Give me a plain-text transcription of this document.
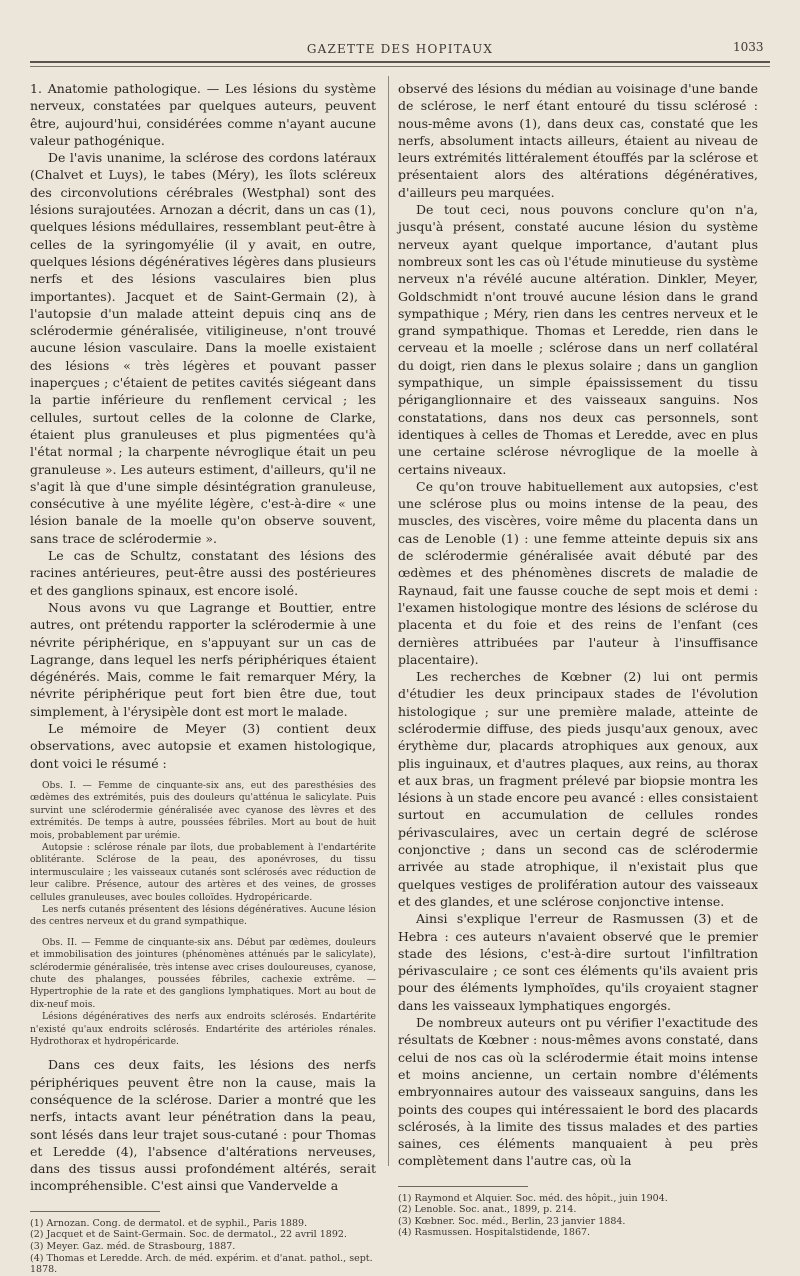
GAZETTE DES HOPITAUX	1033

1. Anatomie pathologique. — Les lésions du système nerveux, constatées par quelques auteurs, peuvent être, aujourd'hui, considérées comme n'ayant aucune valeur pathogénique.

De l'avis unanime, la sclérose des cordons latéraux (Chalvet et Luys), le tabes (Méry), les îlots scléreux des circonvolutions cérébrales (Westphal) sont des lésions surajoutées. Arnozan a décrit, dans un cas (1), quelques lésions médullaires, ressemblant peut-être à celles de la syringomyélie (il y avait, en outre, quelques lésions dégénératives légères dans plusieurs nerfs et des lésions vasculaires bien plus importantes). Jacquet et de Saint-Germain (2), à l'autopsie d'un malade atteint depuis cinq ans de sclérodermie généralisée, vitiligineuse, n'ont trouvé aucune lésion vasculaire. Dans la moelle existaient des lésions « très légères et pouvant passer inaperçues ; c'étaient de petites cavités siégeant dans la partie inférieure du renflement cervical ; les cellules, surtout celles de la colonne de Clarke, étaient plus granuleuses et plus pigmentées qu'à l'état normal ; la charpente névroglique était un peu granuleuse ». Les auteurs estiment, d'ailleurs, qu'il ne s'agit là que d'une simple désintégration granuleuse, consécutive à une myélite légère, c'est-à-dire « une lésion banale de la moelle qu'on observe souvent, sans trace de sclérodermie ».

Le cas de Schultz, constatant des lésions des racines antérieures, peut-être aussi des postérieures et des ganglions spinaux, est encore isolé.

Nous avons vu que Lagrange et Bouttier, entre autres, ont prétendu rapporter la sclérodermie à une névrite périphérique, en s'appuyant sur un cas de Lagrange, dans lequel les nerfs périphériques étaient dégénérés. Mais, comme le fait remarquer Méry, la névrite périphérique peut fort bien être due, tout simplement, à l'érysipèle dont est mort le malade.

Le mémoire de Meyer (3) contient deux observations, avec autopsie et examen histologique, dont voici le résumé :

Obs. I. — Femme de cinquante-six ans, eut des paresthésies des œdèmes des extrémités, puis des douleurs qu'atténua le salicylate. Puis survint une sclérodermie généralisée avec cyanose des lèvres et des extrémités. De temps à autre, poussées fébriles. Mort au bout de huit mois, probablement par urémie.

Autopsie : sclérose rénale par îlots, due probablement à l'endartérite oblitérante. Sclérose de la peau, des aponévroses, du tissu intermusculaire ; les vaisseaux cutanés sont sclérosés avec réduction de leur calibre. Présence, autour des artères et des veines, de grosses cellules granuleuses, avec boules colloïdes. Hydropéricarde.

Les nerfs cutanés présentent des lésions dégénératives. Aucune lésion des centres nerveux et du grand sympathique.

Obs. II. — Femme de cinquante-six ans. Début par œdèmes, douleurs et immobilisation des jointures (phénomènes atténués par le salicylate), sclérodermie généralisée, très intense avec crises douloureuses, cyanose, chute des phalanges, poussées fébriles, cachexie extrême. — Hypertrophie de la rate et des ganglions lymphatiques. Mort au bout de dix-neuf mois.

Lésions dégénératives des nerfs aux endroits sclérosés. Endartérite n'existé qu'aux endroits sclérosés. Endartérite des artérioles rénales. Hydrothorax et hydropéricarde.

Dans ces deux faits, les lésions des nerfs périphériques peuvent être non la cause, mais la conséquence de la sclérose. Darier a montré que les nerfs, intacts avant leur pénétration dans la peau, sont lésés dans leur trajet sous-cutané : pour Thomas et Leredde (4), l'absence d'altérations nerveuses, dans des tissus aussi profondément altérés, serait incompréhensible. C'est ainsi que Vandervelde a

(1) Arnozan. Cong. de dermatol. et de syphil., Paris 1889.

(2) Jacquet et de Saint-Germain. Soc. de dermatol., 22 avril 1892.

(3) Meyer. Gaz. méd. de Strasbourg, 1887.

(4) Thomas et Leredde. Arch. de méd. expérim. et d'anat. pathol., sept. 1878.

observé des lésions du médian au voisinage d'une bande de sclérose, le nerf étant entouré du tissu sclérosé : nous-même avons (1), dans deux cas, constaté que les nerfs, absolument intacts ailleurs, étaient au niveau de leurs extrémités littéralement étouffés par la sclérose et présentaient alors des altérations dégénératives, d'ailleurs peu marquées.

De tout ceci, nous pouvons conclure qu'on n'a, jusqu'à présent, constaté aucune lésion du système nerveux ayant quelque importance, d'autant plus nombreux sont les cas où l'étude minutieuse du système nerveux n'a révélé aucune altération. Dinkler, Meyer, Goldschmidt n'ont trouvé aucune lésion dans le grand sympathique ; Méry, rien dans les centres nerveux et le grand sympathique. Thomas et Leredde, rien dans le cerveau et la moelle ; sclérose dans un nerf collatéral du doigt, rien dans le plexus solaire ; dans un ganglion sympathique, un simple épaississement du tissu périganglionnaire et des vaisseaux sanguins. Nos constatations, dans nos deux cas personnels, sont identiques à celles de Thomas et Leredde, avec en plus une certaine sclérose névroglique de la moelle à certains niveaux.

Ce qu'on trouve habituellement aux autopsies, c'est une sclérose plus ou moins intense de la peau, des muscles, des viscères, voire même du placenta dans un cas de Lenoble (1) : une femme atteinte depuis six ans de sclérodermie généralisée avait débuté par des œdèmes et des phénomènes discrets de maladie de Raynaud, fait une fausse couche de sept mois et demi : l'examen histologique montre des lésions de sclérose du placenta et du foie et des reins de l'enfant (ces dernières attribuées par l'auteur à l'insuffisance placentaire).

Les recherches de Kœbner (2) lui ont permis d'étudier les deux principaux stades de l'évolution histologique ; sur une première malade, atteinte de sclérodermie diffuse, des pieds jusqu'aux genoux, avec érythème dur, placards atrophiques aux genoux, aux plis inguinaux, et d'autres plaques, aux reins, au thorax et aux bras, un fragment prélevé par biopsie montra les lésions à un stade encore peu avancé : elles consistaient surtout en accumulation de cellules rondes périvasculaires, avec un certain degré de sclérose conjonctive ; dans un second cas de sclérodermie arrivée au stade atrophique, il n'existait plus que quelques vestiges de prolifération autour des vaisseaux et des glandes, et une sclérose conjonctive intense.

Ainsi s'explique l'erreur de Rasmussen (3) et de Hebra : ces auteurs n'avaient observé que le premier stade des lésions, c'est-à-dire surtout l'infiltration périvasculaire ; ce sont ces éléments qu'ils avaient pris pour des éléments lymphoïdes, qu'ils croyaient stagner dans les vaisseaux lymphatiques engorgés.

De nombreux auteurs ont pu vérifier l'exactitude des résultats de Kœbner : nous-mêmes avons constaté, dans celui de nos cas où la sclérodermie était moins intense et moins ancienne, un certain nombre d'éléments embryonnaires autour des vaisseaux sanguins, dans les points des coupes qui intéressaient le bord des placards sclérosés, à la limite des tissus malades et des parties saines, ces éléments manquaient à peu près complètement dans l'autre cas, où la

(1) Raymond et Alquier. Soc. méd. des hôpit., juin 1904.

(2) Lenoble. Soc. anat., 1899, p. 214.

(3) Kœbner. Soc. méd., Berlin, 23 janvier 1884.

(4) Rasmussen. Hospitalstidende, 1867.
